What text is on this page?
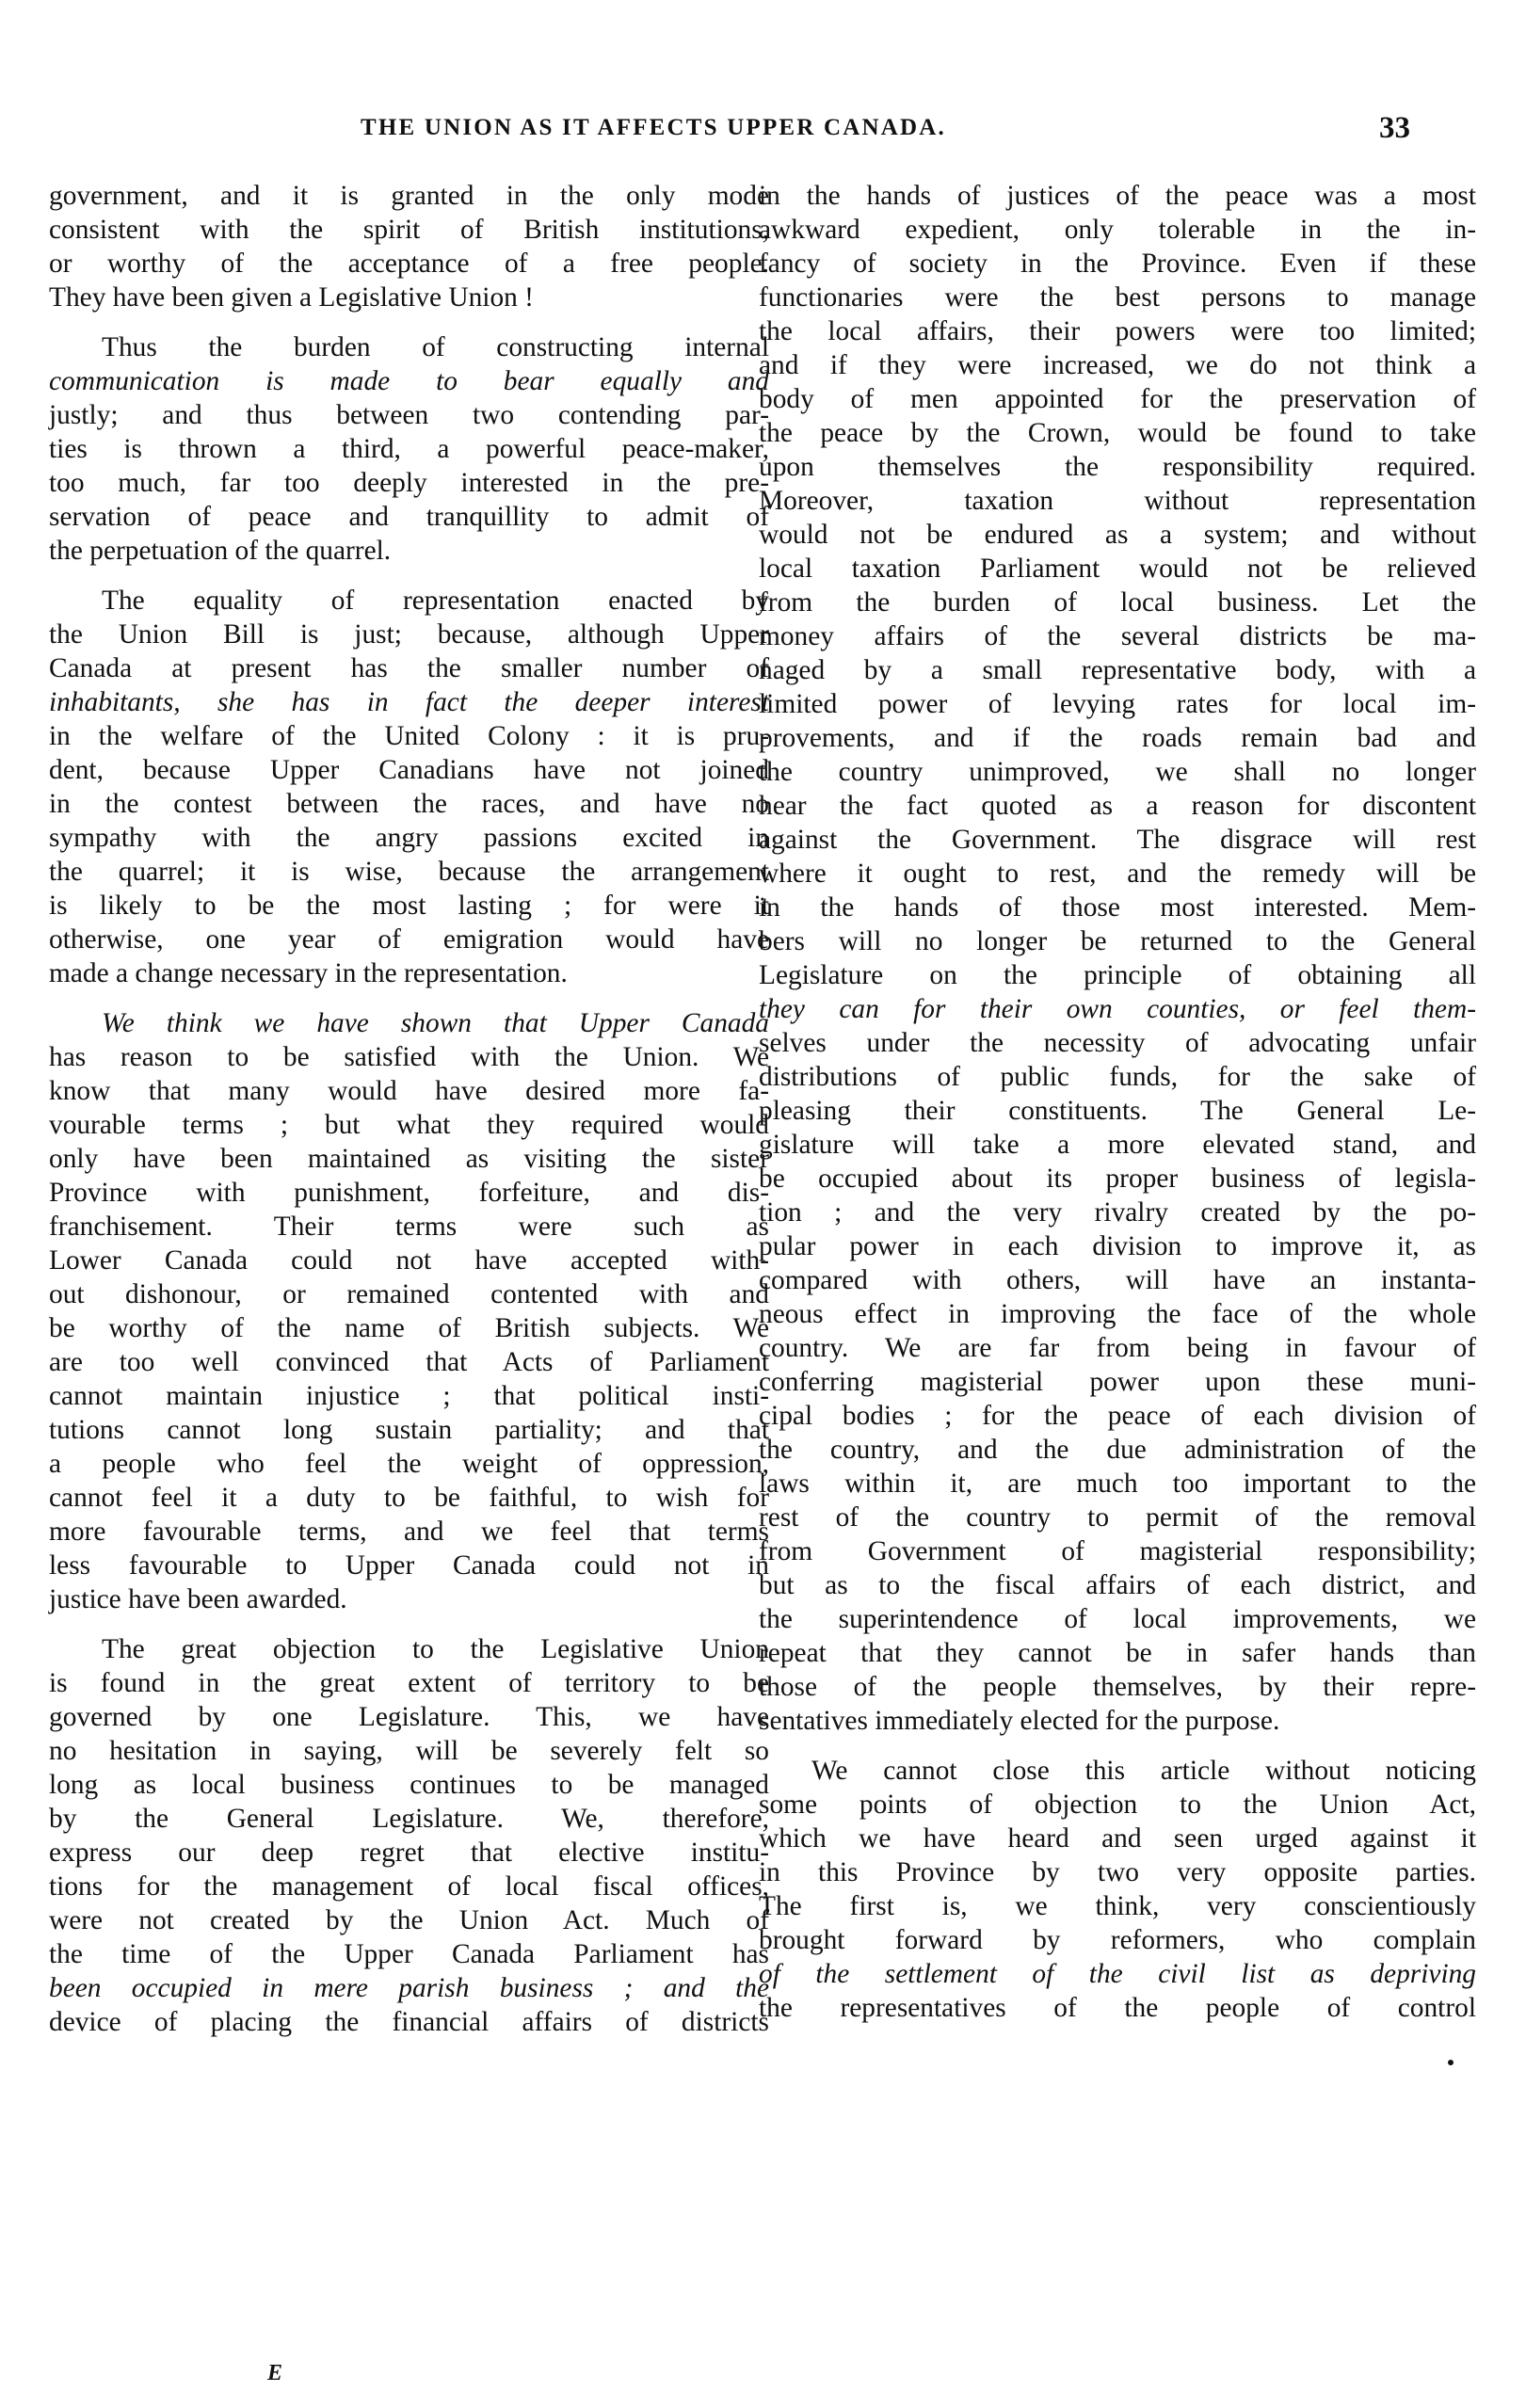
THE UNION AS IT AFFECTS UPPER CANADA.	33
government, and it is granted in the only mode
consistent with the spirit of British institutions,
or worthy of the acceptance of a free people.
They have been given a Legislative Union !
Thus the burden of constructing internal
communication is made to bear equally and
justly; and thus between two contending par-
ties is thrown a third, a powerful peace-maker,
too much, far too deeply interested in the pre-
servation of peace and tranquillity to admit of
the perpetuation of the quarrel.
The equality of representation enacted by
the Union Bill is just; because, although Upper
Canada at present has the smaller number of
inhabitants, she has in fact the deeper interest
in the welfare of the United Colony : it is pru-
dent, because Upper Canadians have not joined
in the contest between the races, and have no
sympathy with the angry passions excited in
the quarrel; it is wise, because the arrangement
is likely to be the most lasting ; for were it
otherwise, one year of emigration would have
made a change necessary in the representation.
We think we have shown that Upper Canada
has reason to be satisfied with the Union. We
know that many would have desired more fa-
vourable terms ; but what they required would
only have been maintained as visiting the sister
Province with punishment, forfeiture, and dis-
franchisement. Their terms were such as
Lower Canada could not have accepted with-
out dishonour, or remained contented with and
be worthy of the name of British subjects. We
are too well convinced that Acts of Parliament
cannot maintain injustice ; that political insti-
tutions cannot long sustain partiality; and that
a people who feel the weight of oppression,
cannot feel it a duty to be faithful, to wish for
more favourable terms, and we feel that terms
less favourable to Upper Canada could not in
justice have been awarded.
The great objection to the Legislative Union
is found in the great extent of territory to be
governed by one Legislature. This, we have
no hesitation in saying, will be severely felt so
long as local business continues to be managed
by the General Legislature. We, therefore,
express our deep regret that elective institu-
tions for the management of local fiscal offices,
were not created by the Union Act. Much of
the time of the Upper Canada Parliament has
been occupied in mere parish business ; and the
device of placing the financial affairs of districts
in the hands of justices of the peace was a most
awkward expedient, only tolerable in the in-
fancy of society in the Province. Even if these
functionaries were the best persons to manage
the local affairs, their powers were too limited;
and if they were increased, we do not think a
body of men appointed for the preservation of
the peace by the Crown, would be found to take
upon themselves the responsibility required.
Moreover, taxation without representation
would not be endured as a system; and without
local taxation Parliament would not be relieved
from the burden of local business. Let the
money affairs of the several districts be ma-
naged by a small representative body, with a
limited power of levying rates for local im-
provements, and if the roads remain bad and
the country unimproved, we shall no longer
hear the fact quoted as a reason for discontent
against the Government. The disgrace will rest
where it ought to rest, and the remedy will be
in the hands of those most interested. Mem-
bers will no longer be returned to the General
Legislature on the principle of obtaining all
they can for their own counties, or feel them-
selves under the necessity of advocating unfair
distributions of public funds, for the sake of
pleasing their constituents. The General Le-
gislature will take a more elevated stand, and
be occupied about its proper business of legisla-
tion ; and the very rivalry created by the po-
pular power in each division to improve it, as
compared with others, will have an instanta-
neous effect in improving the face of the whole
country. We are far from being in favour of
conferring magisterial power upon these muni-
cipal bodies ; for the peace of each division of
the country, and the due administration of the
laws within it, are much too important to the
rest of the country to permit of the removal
from Government of magisterial responsibility;
but as to the fiscal affairs of each district, and
the superintendence of local improvements, we
repeat that they cannot be in safer hands than
those of the people themselves, by their repre-
sentatives immediately elected for the purpose.
We cannot close this article without noticing
some points of objection to the Union Act,
which we have heard and seen urged against it
in this Province by two very opposite parties.
The first is, we think, very conscientiously
brought forward by reformers, who complain
of the settlement of the civil list as depriving
the representatives of the people of control
E
